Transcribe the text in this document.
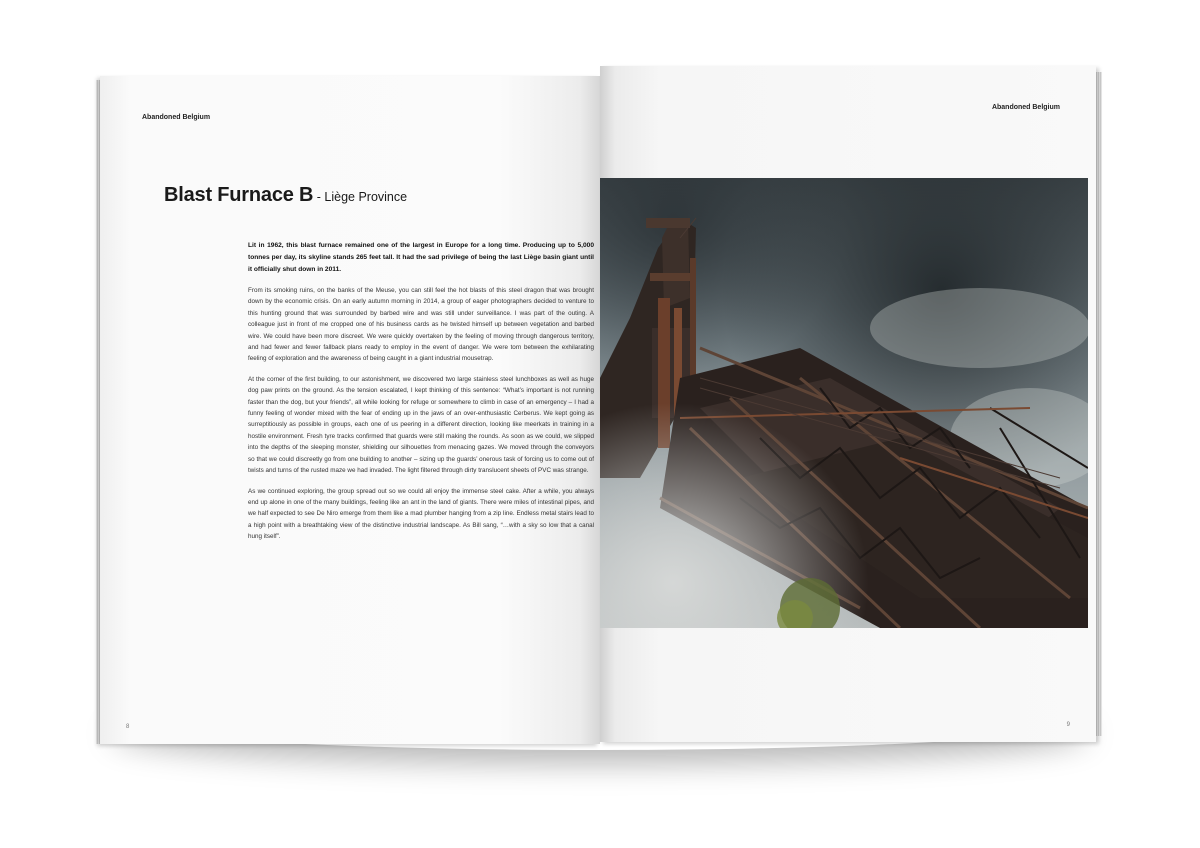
Abandoned Belgium
Blast Furnace B - Liège Province

Lit in 1962, this blast furnace remained one of the largest in Europe for a long time. Producing up to 5,000 tonnes per day, its skyline stands 265 feet tall. It had the sad privilege of being the last Liège basin giant until it officially shut down in 2011.

From its smoking ruins, on the banks of the Meuse, you can still feel the hot blasts of this steel dragon that was brought down by the economic crisis. On an early autumn morning in 2014, a group of eager photographers decided to venture to this hunting ground that was surrounded by barbed wire and was still under surveillance. I was part of the outing. A colleague just in front of me cropped one of his business cards as he twisted himself up between vegetation and barbed wire. We could have been more discreet. We were quickly overtaken by the feeling of moving through dangerous territory, and had fewer and fewer fallback plans ready to employ in the event of danger. We were torn between the exhilarating feeling of exploration and the awareness of being caught in a giant industrial mousetrap.

At the corner of the first building, to our astonishment, we discovered two large stainless steel lunchboxes as well as huge dog paw prints on the ground. As the tension escalated, I kept thinking of this sentence: “What’s important is not running faster than the dog, but your friends”, all while looking for refuge or somewhere to climb in case of an emergency – I had a funny feeling of wonder mixed with the fear of ending up in the jaws of an over-enthusiastic Cerberus. We kept going as surreptitiously as possible in groups, each one of us peering in a different direction, looking like meerkats in training in a hostile environment. Fresh tyre tracks confirmed that guards were still making the rounds. As soon as we could, we slipped into the depths of the sleeping monster, shielding our silhouettes from menacing gazes. We moved through the conveyors so that we could discreetly go from one building to another – sizing up the guards’ onerous task of forcing us to come out of twists and turns of the rusted maze we had invaded. The light filtered through dirty translucent sheets of PVC was strange.

As we continued exploring, the group spread out so we could all enjoy the immense steel cake. After a while, you always end up alone in one of the many buildings, feeling like an ant in the land of giants. There were miles of intestinal pipes, and we half expected to see De Niro emerge from them like a mad plumber hanging from a zip line. Endless metal stairs lead to a high point with a breathtaking view of the distinctive industrial landscape. As Bill sang, “…with a sky so low that a canal hung itself”.

8
Abandoned Belgium
9
